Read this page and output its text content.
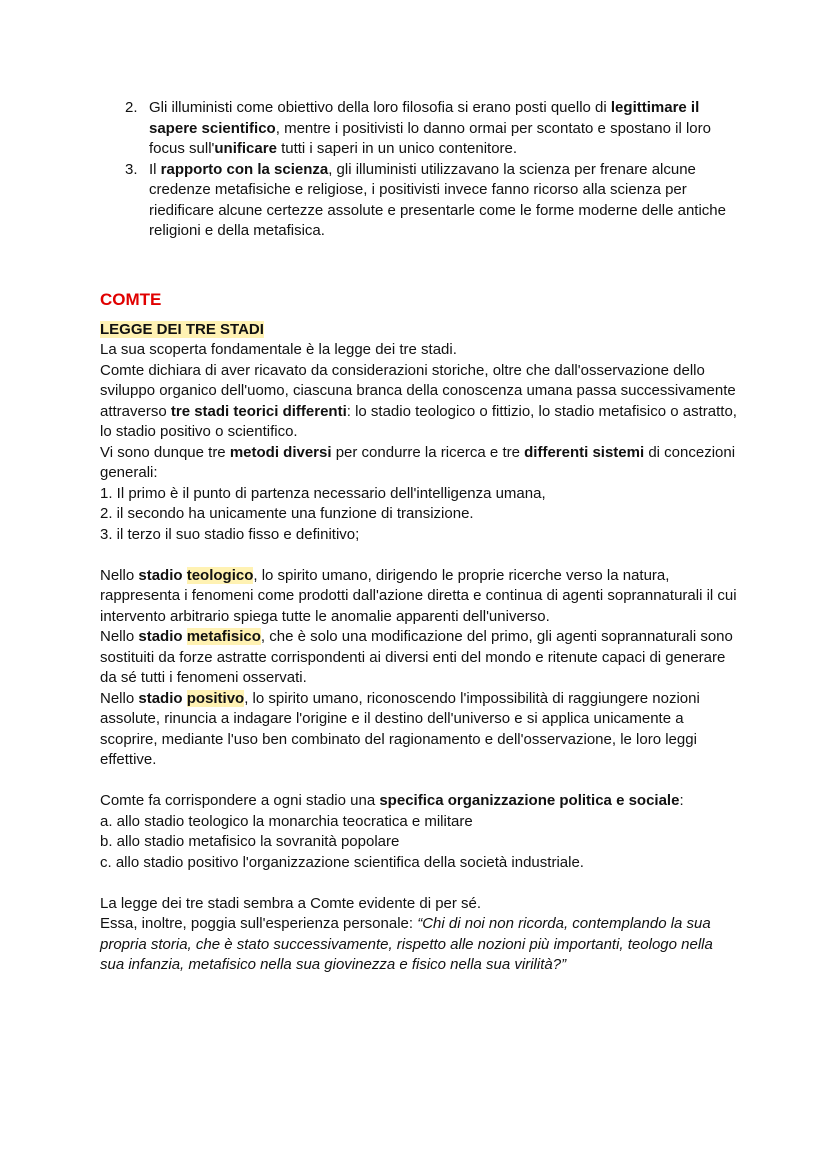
2. Gli illuministi come obiettivo della loro filosofia si erano posti quello di legittimare il sapere scientifico, mentre i positivisti lo danno ormai per scontato e spostano il loro focus sull'unificare tutti i saperi in un unico contenitore.
3. Il rapporto con la scienza, gli illuministi utilizzavano la scienza per frenare alcune credenze metafisiche e religiose, i positivisti invece fanno ricorso alla scienza per riedificare alcune certezze assolute e presentarle come le forme moderne delle antiche religioni e della metafisica.
COMTE
LEGGE DEI TRE STADI

La sua scoperta fondamentale è la legge dei tre stadi.

Comte dichiara di aver ricavato da considerazioni storiche, oltre che dall'osservazione dello sviluppo organico dell'uomo, ciascuna branca della conoscenza umana passa successivamente attraverso tre stadi teorici differenti: lo stadio teologico o fittizio, lo stadio metafisico o astratto, lo stadio positivo o scientifico.

Vi sono dunque tre metodi diversi per condurre la ricerca e tre differenti sistemi di concezioni generali:

1. Il primo è il punto di partenza necessario dell'intelligenza umana,

2. il secondo ha unicamente una funzione di transizione.

3. il terzo il suo stadio fisso e definitivo;

Nello stadio teologico, lo spirito umano, dirigendo le proprie ricerche verso la natura, rappresenta i fenomeni come prodotti dall'azione diretta e continua di agenti soprannaturali il cui intervento arbitrario spiega tutte le anomalie apparenti dell'universo.

Nello stadio metafisico, che è solo una modificazione del primo, gli agenti soprannaturali sono sostituiti da forze astratte corrispondenti ai diversi enti del mondo e ritenute capaci di generare da sé tutti i fenomeni osservati.

Nello stadio positivo, lo spirito umano, riconoscendo l'impossibilità di raggiungere nozioni assolute, rinuncia a indagare l'origine e il destino dell'universo e si applica unicamente a scoprire, mediante l'uso ben combinato del ragionamento e dell'osservazione, le loro leggi effettive.

Comte fa corrispondere a ogni stadio una specifica organizzazione politica e sociale:

a. allo stadio teologico la monarchia teocratica e militare

b. allo stadio metafisico la sovranità popolare

c. allo stadio positivo l'organizzazione scientifica della società industriale.

La legge dei tre stadi sembra a Comte evidente di per sé.

Essa, inoltre, poggia sull'esperienza personale: “Chi di noi non ricorda, contemplando la sua propria storia, che è stato successivamente, rispetto alle nozioni più importanti, teologo nella sua infanzia, metafisico nella sua giovinezza e fisico nella sua virilità?”
